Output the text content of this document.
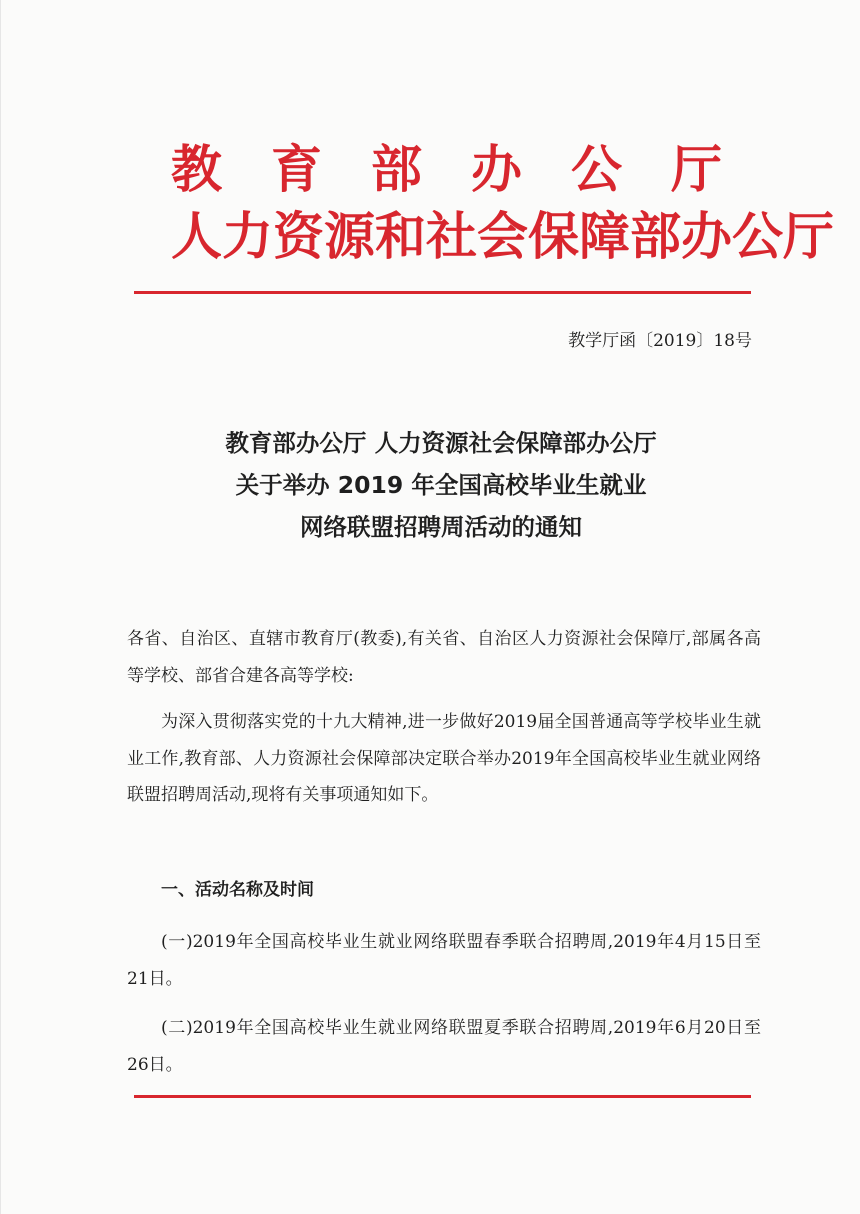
教育部办公厅
人力资源和社会保障部办公厅
教学厅函〔2019〕18号
教育部办公厅 人力资源社会保障部办公厅
关于举办 2019 年全国高校毕业生就业
网络联盟招聘周活动的通知

各省、自治区、直辖市教育厅(教委),有关省、自治区人力资源社会保障厅,部属各高等学校、部省合建各高等学校:

为深入贯彻落实党的十九大精神,进一步做好2019届全国普通高等学校毕业生就业工作,教育部、人力资源社会保障部决定联合举办2019年全国高校毕业生就业网络联盟招聘周活动,现将有关事项通知如下。

一、活动名称及时间

(一)2019年全国高校毕业生就业网络联盟春季联合招聘周,2019年4月15日至21日。

(二)2019年全国高校毕业生就业网络联盟夏季联合招聘周,2019年6月20日至26日。
